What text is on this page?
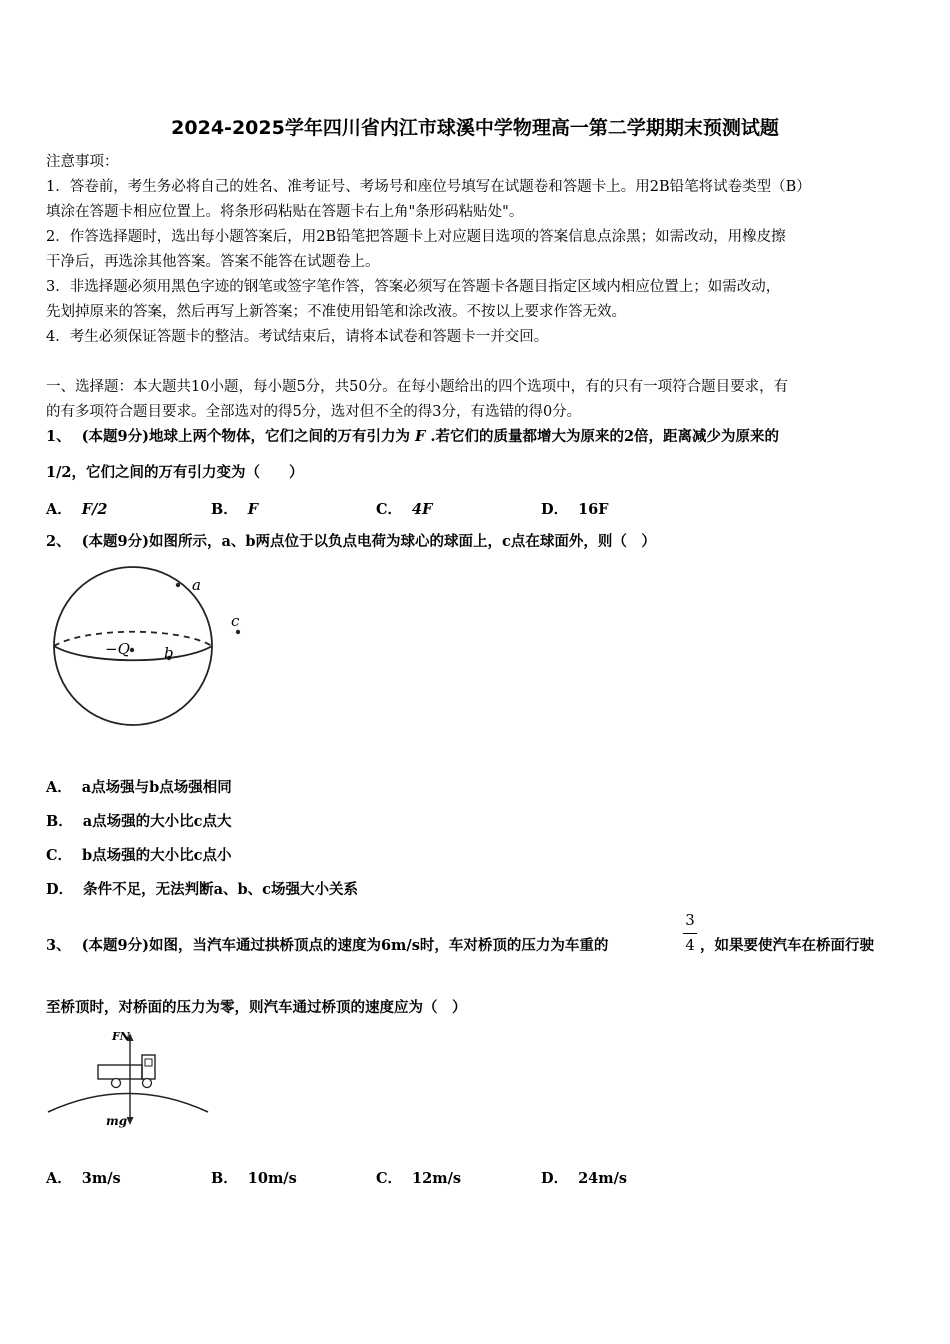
2024-2025学年四川省内江市球溪中学物理高一第二学期期末预测试题
注意事项：
1．答卷前，考生务必将自己的姓名、准考证号、考场号和座位号填写在试题卷和答题卡上。用2B铅笔将试卷类型（B）
填涂在答题卡相应位置上。将条形码粘贴在答题卡右上角"条形码粘贴处"。
2．作答选择题时，选出每小题答案后，用2B铅笔把答题卡上对应题目选项的答案信息点涂黑；如需改动，用橡皮擦
干净后，再选涂其他答案。答案不能答在试题卷上。
3．非选择题必须用黑色字迹的钢笔或签字笔作答，答案必须写在答题卡各题目指定区域内相应位置上；如需改动，
先划掉原来的答案，然后再写上新答案；不准使用铅笔和涂改液。不按以上要求作答无效。
4．考生必须保证答题卡的整洁。考试结束后，请将本试卷和答题卡一并交回。
一、选择题：本大题共10小题，每小题5分，共50分。在每小题给出的四个选项中，有的只有一项符合题目要求，有
的有多项符合题目要求。全部选对的得5分，选对但不全的得3分，有选错的得0分。
1、 (本题9分)地球上两个物体，它们之间的万有引力为 F .若它们的质量都增大为原来的2倍，距离减少为原来的
1/2，它们之间的万有引力变为（　　）
A． F/2	B． F	C． 4F	D． 16F
2、 (本题9分)如图所示，a、b两点位于以负点电荷为球心的球面上，c点在球面外，则（　）
a
−Q b
c
A． a点场强与b点场强相同
B． a点场强的大小比c点大
C． b点场强的大小比c点小
D． 条件不足，无法判断a、b、c场强大小关系
3、 (本题9分)如图，当汽车通过拱桥顶点的速度为6m/s时，车对桥顶的压力为车重的
3
4 ，如果要使汽车在桥面行驶
至桥顶时，对桥面的压力为零，则汽车通过桥顶的速度应为（　）
FN
mg
A． 3m/s	B． 10m/s	C． 12m/s	D． 24m/s
